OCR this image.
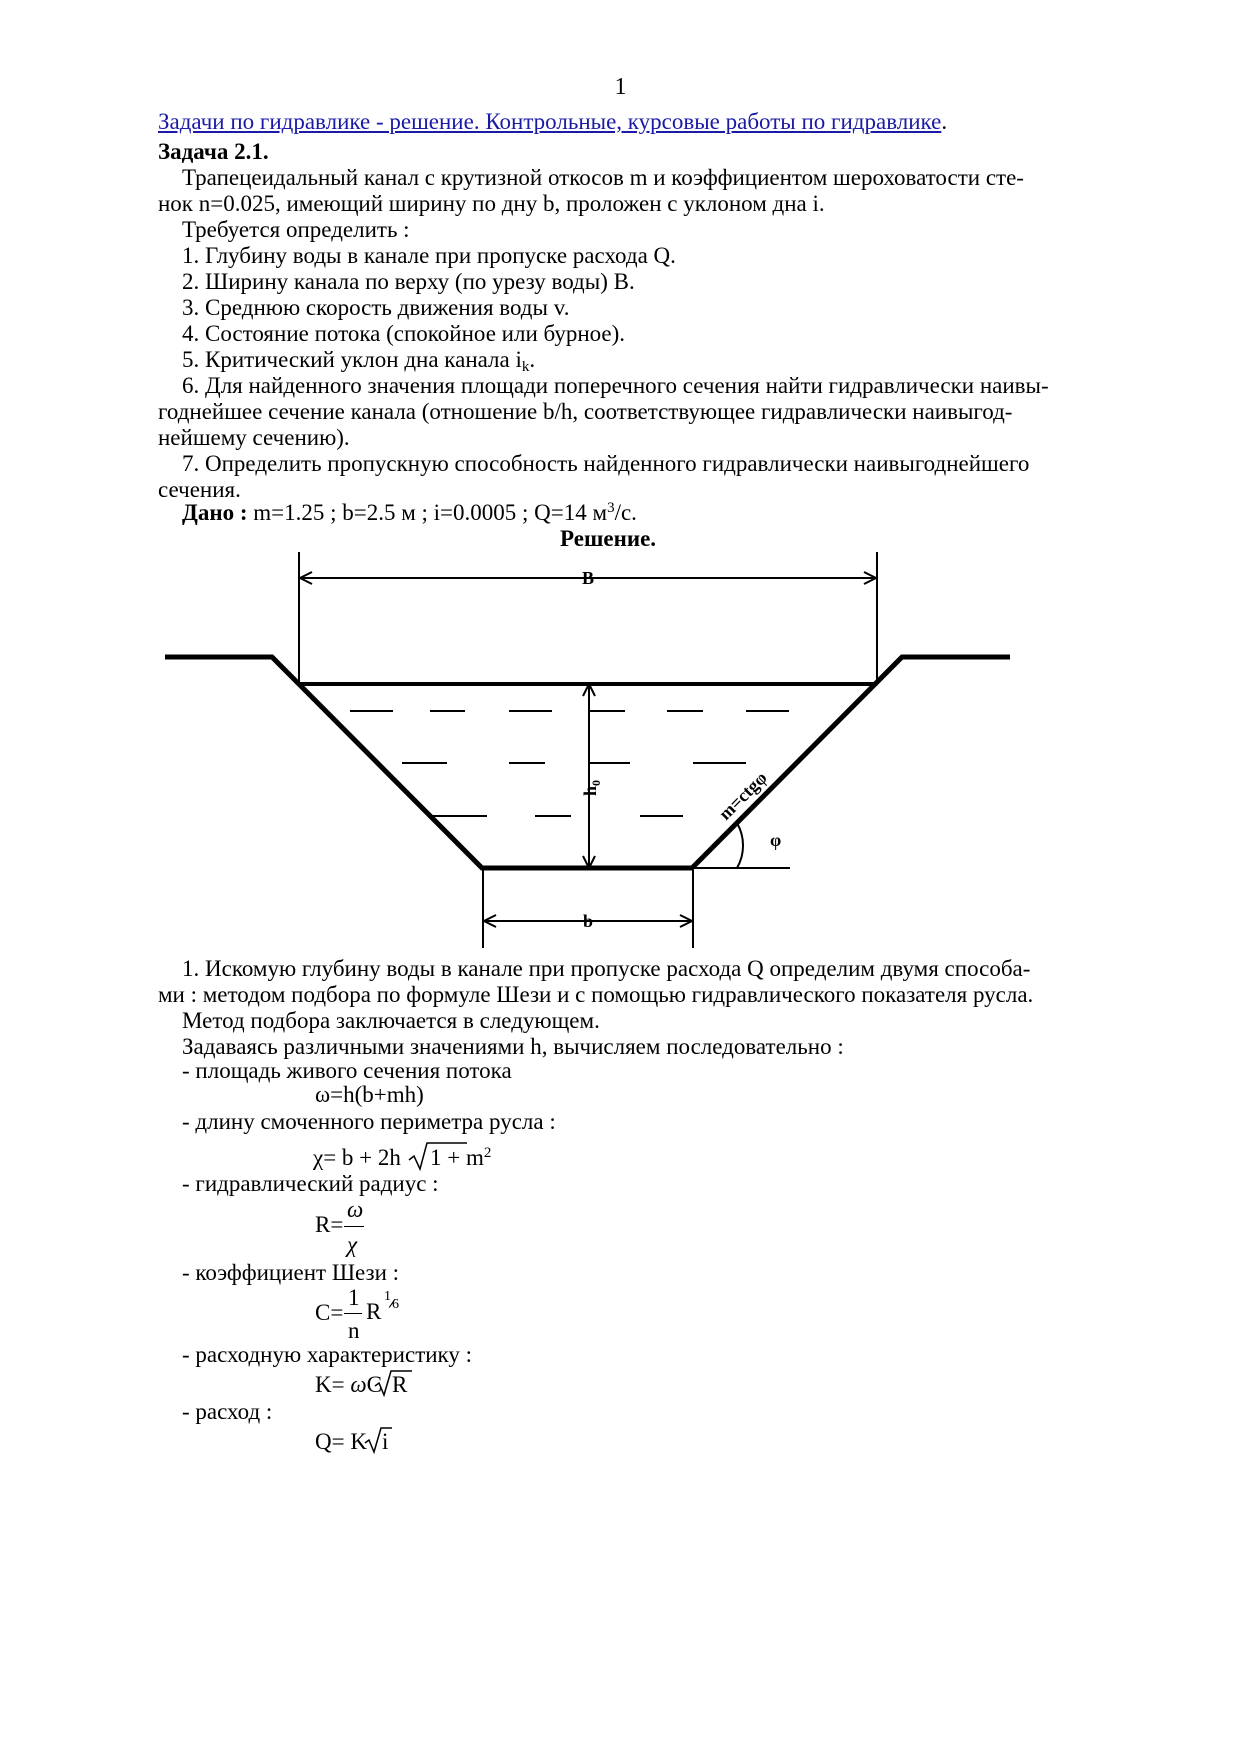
1
Задачи по гидравлике - решение. Контрольные, курсовые работы по гидравлике.
Задача 2.1.
Трапецеидальный канал с крутизной откосов m и коэффициентом шероховатости сте-
нок n=0.025, имеющий ширину по дну b, проложен с уклоном дна i.
Требуется определить :
1. Глубину воды в канале при пропуске расхода Q.
2. Ширину канала по верху (по урезу воды) B.
3. Среднюю скорость движения воды v.
4. Состояние потока (спокойное или бурное).
5. Критический уклон дна канала $i_k$.
6. Для найденного значения площади поперечного сечения найти гидравлически наивы-
годнейшее сечение канала (отношение b/h, соответствующее гидравлически наивыгод-
нейшему сечению).
7. Определить пропускную способность найденного гидравлически наивыгоднейшего
сечения.
Дано : m=1.25 ; b=2.5 м ; i=0.0005 ; Q=14 $м^3/с$.
Решение.
B
b
$h_0$	m=ctgφ
φ
1. Искомую глубину воды в канале при пропуске расхода Q определим двумя способа-
ми : методом подбора по формуле Шези и с помощью гидравлического показателя русла.
Метод подбора заключается в следующем.
Задаваясь различными значениями h, вычисляем последовательно :
- площадь живого сечения потока
ω=h(b+mh)
- длину смоченного периметра русла :
χ= b + 2h $1 + m^2$
- гидравлический радиус :
R=
ω
χ
- коэффициент Шези :
C=
1
n
R
1
6
- расходную характеристику :
K= ωC R
- расход :
Q= K i
